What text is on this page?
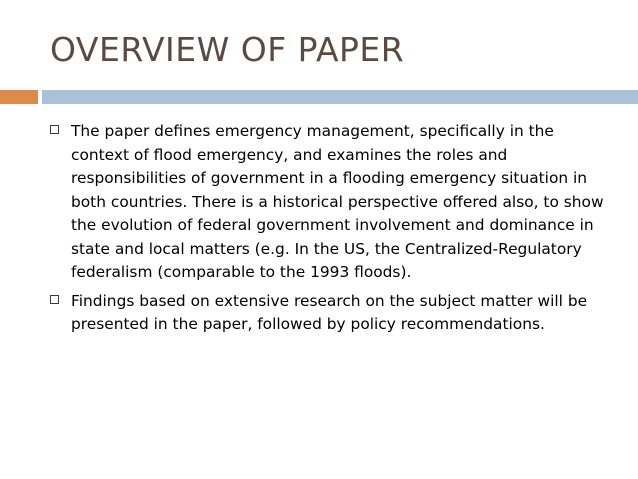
OVERVIEW OF PAPER
The paper defines emergency management, specifically in the context of flood emergency, and examines the roles and responsibilities of government in a flooding emergency situation in both countries. There is a historical perspective offered also, to show the evolution of federal government involvement and dominance in state and local matters (e.g. In the US, the Centralized-Regulatory federalism (comparable to the 1993 floods).
Findings based on extensive research on the subject matter will be presented in the paper, followed by policy recommendations.
